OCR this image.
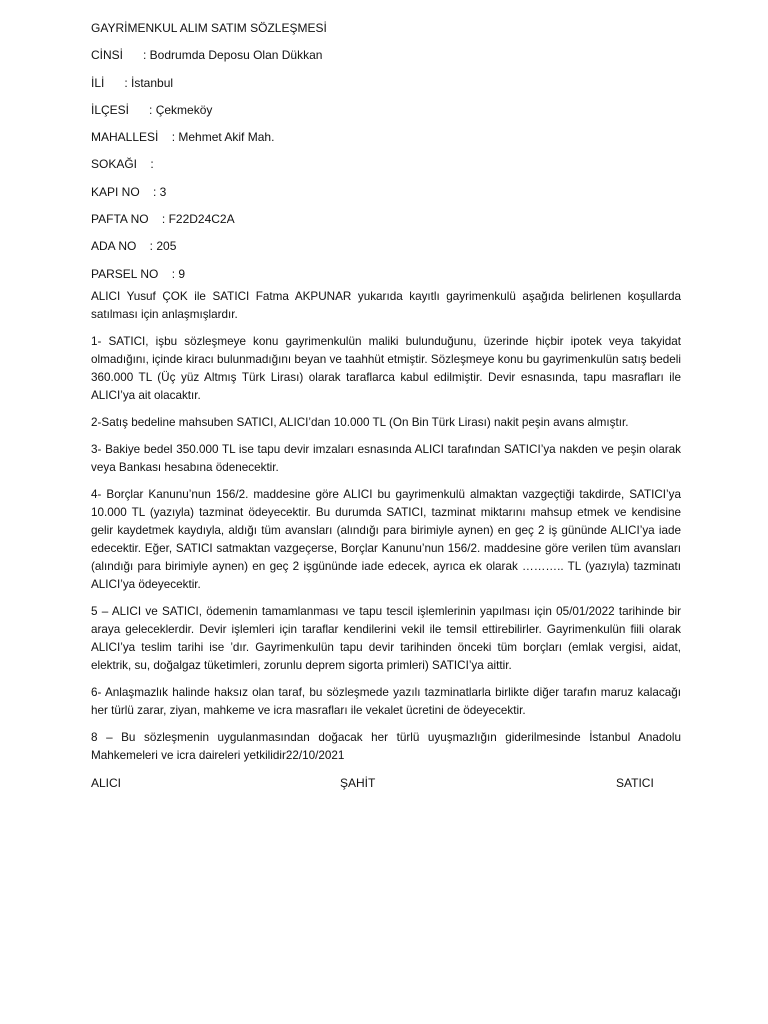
GAYRİMENKUL ALIM SATIM SÖZLEŞMESİ
CİNSİ      : Bodrumda Deposu Olan Dükkan
İLİ      : İstanbul
İLÇESİ      : Çekmeköy
MAHALLESİ    : Mehmet Akif Mah.
SOKAĞI    :
KAPI NO    : 3
PAFTA NO    : F22D24C2A
ADA NO    : 205
PARSEL NO    : 9

ALICI Yusuf ÇOK ile SATICI Fatma AKPUNAR yukarıda kayıtlı gayrimenkulü aşağıda belirlenen koşullarda satılması için anlaşmışlardır.

1- SATICI, işbu sözleşmeye konu gayrimenkulün maliki bulunduğunu, üzerinde hiçbir ipotek veya takyidat olmadığını, içinde kiracı bulunmadığını beyan ve taahhüt etmiştir. Sözleşmeye konu bu gayrimenkulün satış bedeli 360.000 TL (Üç yüz Altmış Türk Lirası) olarak taraflarca kabul edilmiştir. Devir esnasında, tapu masrafları ile ALICI’ya ait olacaktır.

2-Satış bedeline mahsuben SATICI, ALICI’dan 10.000 TL (On Bin Türk Lirası) nakit peşin avans almıştır.

3- Bakiye bedel 350.000 TL ise tapu devir imzaları esnasında ALICI tarafından SATICI’ya nakden ve peşin olarak veya Bankası hesabına ödenecektir.

4- Borçlar Kanunu’nun 156/2. maddesine göre ALICI bu gayrimenkulü almaktan vazgeçtiği takdirde, SATICI’ya 10.000 TL (yazıyla) tazminat ödeyecektir. Bu durumda SATICI, tazminat miktarını mahsup etmek ve kendisine gelir kaydetmek kaydıyla, aldığı tüm avansları (alındığı para birimiyle aynen) en geç 2 iş gününde ALICI’ya iade edecektir. Eğer, SATICI satmaktan vazgeçerse, Borçlar Kanunu’nun 156/2. maddesine göre verilen tüm avansları (alındığı para birimiyle aynen) en geç 2 işgününde iade edecek, ayrıca ek olarak ……….. TL (yazıyla) tazminatı ALICI’ya ödeyecektir.

5 – ALICI ve SATICI, ödemenin tamamlanması ve tapu tescil işlemlerinin yapılması için 05/01/2022 tarihinde bir araya geleceklerdir. Devir işlemleri için taraflar kendilerini vekil ile temsil ettirebilirler. Gayrimenkulün fiili olarak ALICI’ya teslim tarihi ise ’dır. Gayrimenkulün tapu devir tarihinden önceki tüm borçları (emlak vergisi, aidat, elektrik, su, doğalgaz tüketimleri, zorunlu deprem sigorta primleri) SATICI’ya aittir.

6- Anlaşmazlık halinde haksız olan taraf, bu sözleşmede yazılı tazminatlarla birlikte diğer tarafın maruz kalacağı her türlü zarar, ziyan, mahkeme ve icra masrafları ile vekalet ücretini de ödeyecektir.

8 – Bu sözleşmenin uygulanmasından doğacak her türlü uyuşmazlığın giderilmesinde İstanbul Anadolu Mahkemeleri ve icra daireleri yetkilidir22/10/2021

ALICI	ŞAHİT	SATICI
